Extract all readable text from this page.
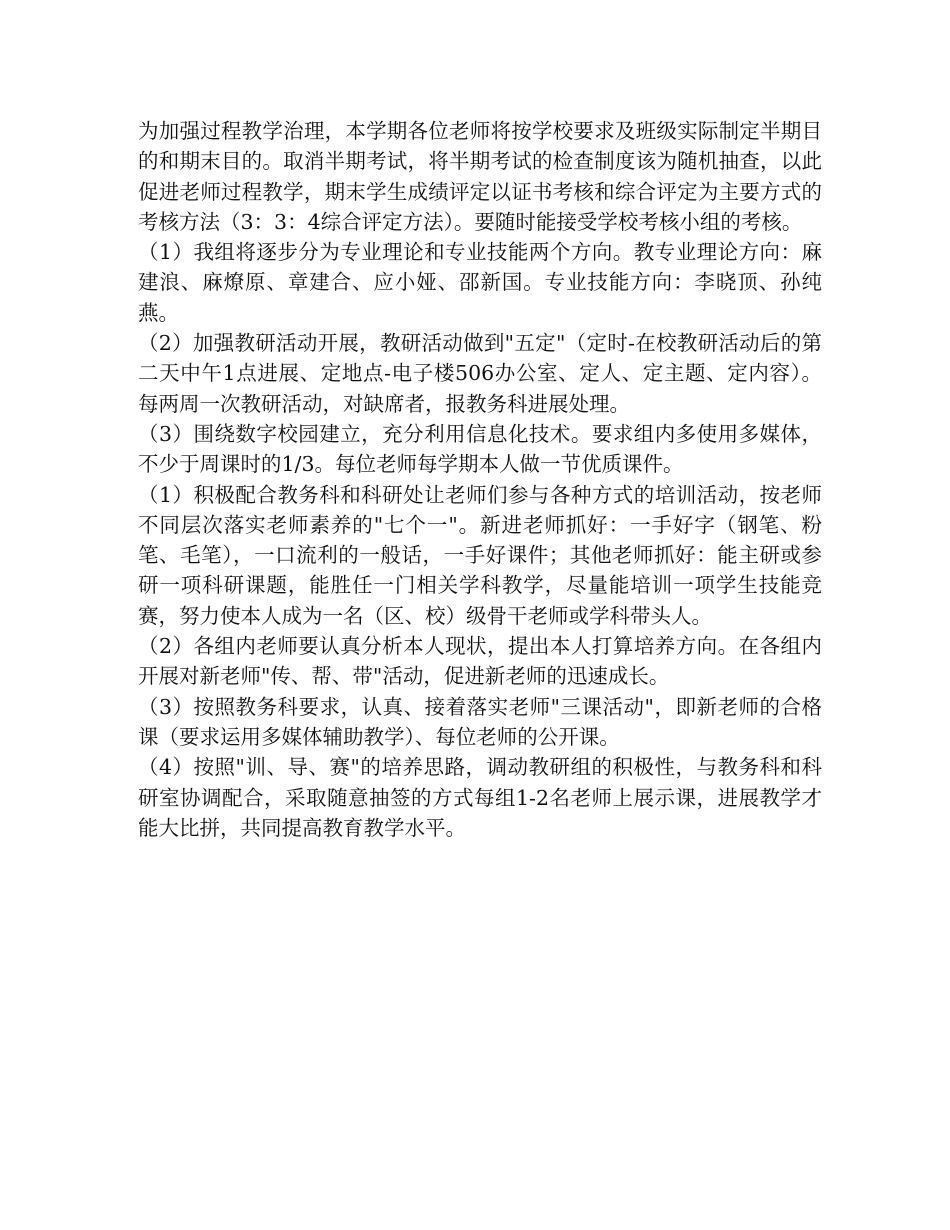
为加强过程教学治理，本学期各位老师将按学校要求及班级实际制定半期目的和期末目的。取消半期考试，将半期考试的检查制度该为随机抽查，以此促进老师过程教学，期末学生成绩评定以证书考核和综合评定为主要方式的考核方法（3：3：4综合评定方法）。要随时能接受学校考核小组的考核。

（1）我组将逐步分为专业理论和专业技能两个方向。教专业理论方向：麻建浪、麻燎原、章建合、应小娅、邵新国。专业技能方向：李晓顶、孙纯燕。

（2）加强教研活动开展，教研活动做到"五定"（定时-在校教研活动后的第二天中午1点进展、定地点-电子楼506办公室、定人、定主题、定内容）。每两周一次教研活动，对缺席者，报教务科进展处理。

（3）围绕数字校园建立，充分利用信息化技术。要求组内多使用多媒体，不少于周课时的1/3。每位老师每学期本人做一节优质课件。

（1）积极配合教务科和科研处让老师们参与各种方式的培训活动，按老师不同层次落实老师素养的"七个一"。新进老师抓好：一手好字（钢笔、粉笔、毛笔），一口流利的一般话，一手好课件；其他老师抓好：能主研或参研一项科研课题，能胜任一门相关学科教学，尽量能培训一项学生技能竞赛，努力使本人成为一名（区、校）级骨干老师或学科带头人。

（2）各组内老师要认真分析本人现状，提出本人打算培养方向。在各组内开展对新老师"传、帮、带"活动，促进新老师的迅速成长。

（3）按照教务科要求，认真、接着落实老师"三课活动"，即新老师的合格课（要求运用多媒体辅助教学）、每位老师的公开课。

（4）按照"训、导、赛"的培养思路，调动教研组的积极性，与教务科和科研室协调配合，采取随意抽签的方式每组1-2名老师上展示课，进展教学才能大比拼，共同提高教育教学水平。
